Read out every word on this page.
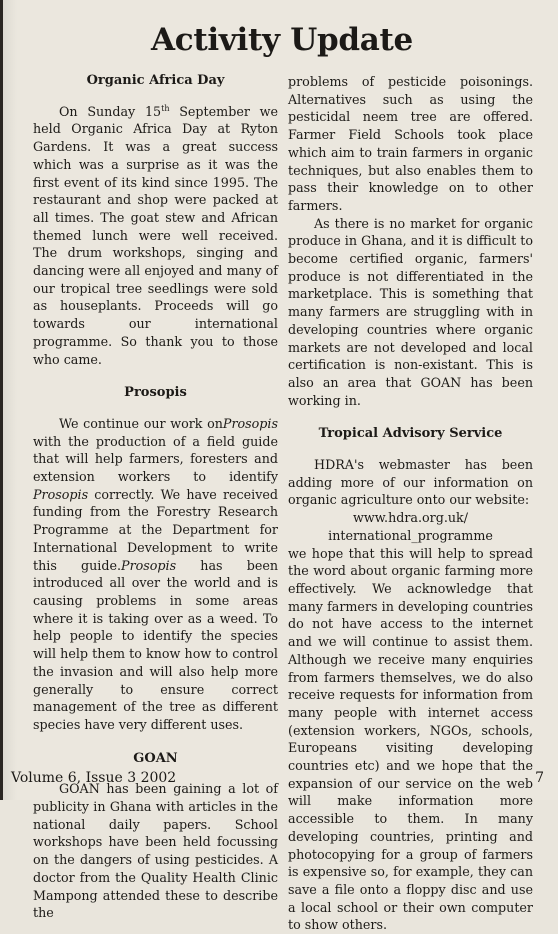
Activity Update
Organic Africa Day

On Sunday 15th September we held Organic Africa Day at Ryton Gardens. It was a great success which was a surprise as it was the first event of its kind since 1995. The restaurant and shop were packed at all times. The goat stew and African themed lunch were well received. The drum workshops, singing and dancing were all enjoyed and many of our tropical tree seedlings were sold as houseplants. Proceeds will go towards our international programme. So thank you to those who came.

Prosopis

We continue our work onProsopis with the production of a field guide that will help farmers, foresters and extension workers to identify Prosopis correctly. We have received funding from the Forestry Research Programme at the Department for International Development to write this guide.Prosopis has been introduced all over the world and is causing problems in some areas where it is taking over as a weed. To help people to identify the species will help them to know how to control the invasion and will also help more generally to ensure correct management of the tree as different species have very different uses.

GOAN

GOAN has been gaining a lot of publicity in Ghana with articles in the national daily papers. School workshops have been held focussing on the dangers of using pesticides. A doctor from the Quality Health Clinic Mampong attended these to describe the

problems of pesticide poisonings. Alternatives such as using the pesticidal neem tree are offered. Farmer Field Schools took place which aim to train farmers in organic techniques, but also enables them to pass their knowledge on to other farmers.

As there is no market for organic produce in Ghana, and it is difficult to become certified organic, farmers' produce is not differentiated in the marketplace. This is something that many farmers are struggling with in developing countries where organic markets are not developed and local certification is non-existant. This is also an area that GOAN has been working in.

Tropical Advisory Service

HDRA's webmaster has been adding more of our information on organic agriculture onto our website:

www.hdra.org.uk/
international_programme

we hope that this will help to spread the word about organic farming more effectively. We acknowledge that many farmers in developing countries do not have access to the internet and we will continue to assist them. Although we receive many enquiries from farmers themselves, we do also receive requests for information from many people with internet access (extension workers, NGOs, schools, Europeans visiting developing countries etc) and we hope that the expansion of our service on the web will make information more accessible to them. In many developing countries, printing and photocopying for a group of farmers is expensive so, for example, they can save a file onto a floppy disc and use a local school or their own computer to show others.

Volume 6, Issue 3 2002	7
